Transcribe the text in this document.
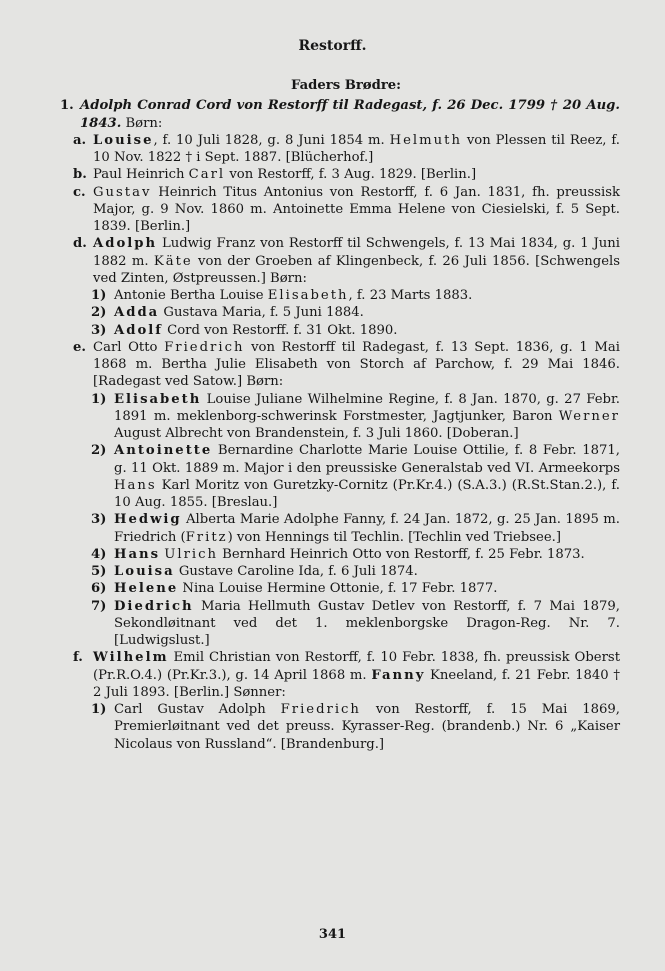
Restorff.
Faders Brødre:
1. Adolph Conrad Cord von Restorff til Radegast, f. 26 Dec. 1799 † 20 Aug. 1843. Børn:
a. Louise, f. 10 Juli 1828, g. 8 Juni 1854 m. Helmuth von Plessen til Reez, f. 10 Nov. 1822 † i Sept. 1887. [Blücherhof.]
b. Paul Heinrich Carl von Restorff, f. 3 Aug. 1829. [Berlin.]
c. Gustav Heinrich Titus Antonius von Restorff, f. 6 Jan. 1831, fh. preussisk Major, g. 9 Nov. 1860 m. Antoinette Emma Helene von Ciesielski, f. 5 Sept. 1839. [Berlin.]
d. Adolph Ludwig Franz von Restorff til Schwengels, f. 13 Mai 1834, g. 1 Juni 1882 m. Käte von der Groeben af Klingenbeck, f. 26 Juli 1856. [Schwengels ved Zinten, Østpreussen.] Børn:
1) Antonie Bertha Louise Elisabeth, f. 23 Marts 1883.
2) Adda Gustava Maria, f. 5 Juni 1884.
3) Adolf Cord von Restorff. f. 31 Okt. 1890.
e. Carl Otto Friedrich von Restorff til Radegast, f. 13 Sept. 1836, g. 1 Mai 1868 m. Bertha Julie Elisabeth von Storch af Parchow, f. 29 Mai 1846. [Radegast ved Satow.] Børn:
1) Elisabeth Louise Juliane Wilhelmine Regine, f. 8 Jan. 1870, g. 27 Febr. 1891 m. meklenborg-schwerinsk Forstmester, Jagtjunker, Baron Werner August Albrecht von Brandenstein, f. 3 Juli 1860. [Doberan.]
2) Antoinette Bernardine Charlotte Marie Louise Ottilie, f. 8 Febr. 1871, g. 11 Okt. 1889 m. Major i den preussiske Generalstab ved VI. Armeekorps Hans Karl Moritz von Guretzky-Cornitz (Pr.Kr.4.) (S.A.3.) (R.St.Stan.2.), f. 10 Aug. 1855. [Breslau.]
3) Hedwig Alberta Marie Adolphe Fanny, f. 24 Jan. 1872, g. 25 Jan. 1895 m. Friedrich (Fritz) von Hennings til Techlin. [Techlin ved Triebsee.]
4) Hans Ulrich Bernhard Heinrich Otto von Restorff, f. 25 Febr. 1873.
5) Louisa Gustave Caroline Ida, f. 6 Juli 1874.
6) Helene Nina Louise Hermine Ottonie, f. 17 Febr. 1877.
7) Diedrich Maria Hellmuth Gustav Detlev von Restorff, f. 7 Mai 1879, Sekondløitnant ved det 1. meklenborgske Dragon-Reg. Nr. 7. [Ludwigslust.]
f. Wilhelm Emil Christian von Restorff, f. 10 Febr. 1838, fh. preussisk Oberst (Pr.R.O.4.) (Pr.Kr.3.), g. 14 April 1868 m. Fanny Kneeland, f. 21 Febr. 1840 † 2 Juli 1893. [Berlin.] Sønner:
1) Carl Gustav Adolph Friedrich von Restorff, f. 15 Mai 1869, Premierløitnant ved det preuss. Kyrasser-Reg. (brandenb.) Nr. 6 „Kaiser Nicolaus von Russland“. [Brandenburg.]
341
